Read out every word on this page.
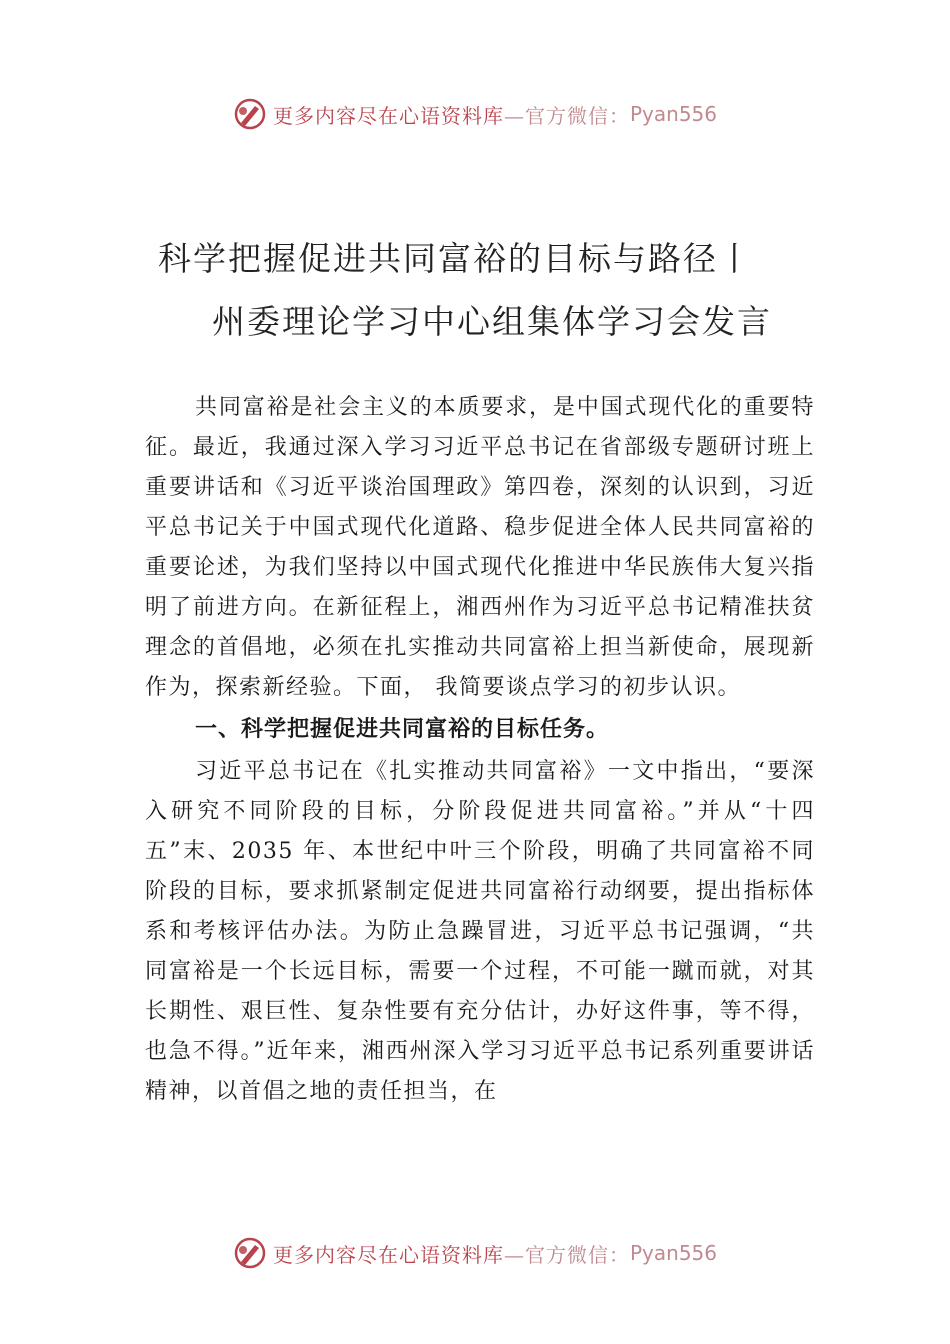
更多内容尽在心语资料库 —官方微信： Pyan556
科学把握促进共同富裕的目标与路径丨
州委理论学习中心组集体学习会发言

共同富裕是社会主义的本质要求，是中国式现代化的重要特征。最近，我通过深入学习习近平总书记在省部级专题研讨班上重要讲话和《习近平谈治国理政》第四卷，深刻的认识到，习近平总书记关于中国式现代化道路、稳步促进全体人民共同富裕的重要论述，为我们坚持以中国式现代化推进中华民族伟大复兴指明了前进方向。在新征程上，湘西州作为习近平总书记精准扶贫理念的首倡地，必须在扎实推动共同富裕上担当新使命，展现新作为，探索新经验。下面， 我简要谈点学习的初步认识。

一、科学把握促进共同富裕的目标任务。

习近平总书记在《扎实推动共同富裕》一文中指出，“要深入研究不同阶段的目标，分阶段促进共同富裕。”并从“十四五”末、2035 年、本世纪中叶三个阶段，明确了共同富裕不同阶段的目标，要求抓紧制定促进共同富裕行动纲要，提出指标体系和考核评估办法。为防止急躁冒进，习近平总书记强调，“共同富裕是一个长远目标，需要一个过程，不可能一蹴而就，对其长期性、艰巨性、复杂性要有充分估计，办好这件事，等不得，也急不得。”近年来，湘西州深入学习习近平总书记系列重要讲话精神，以首倡之地的责任担当，在

更多内容尽在心语资料库 —官方微信： Pyan556
